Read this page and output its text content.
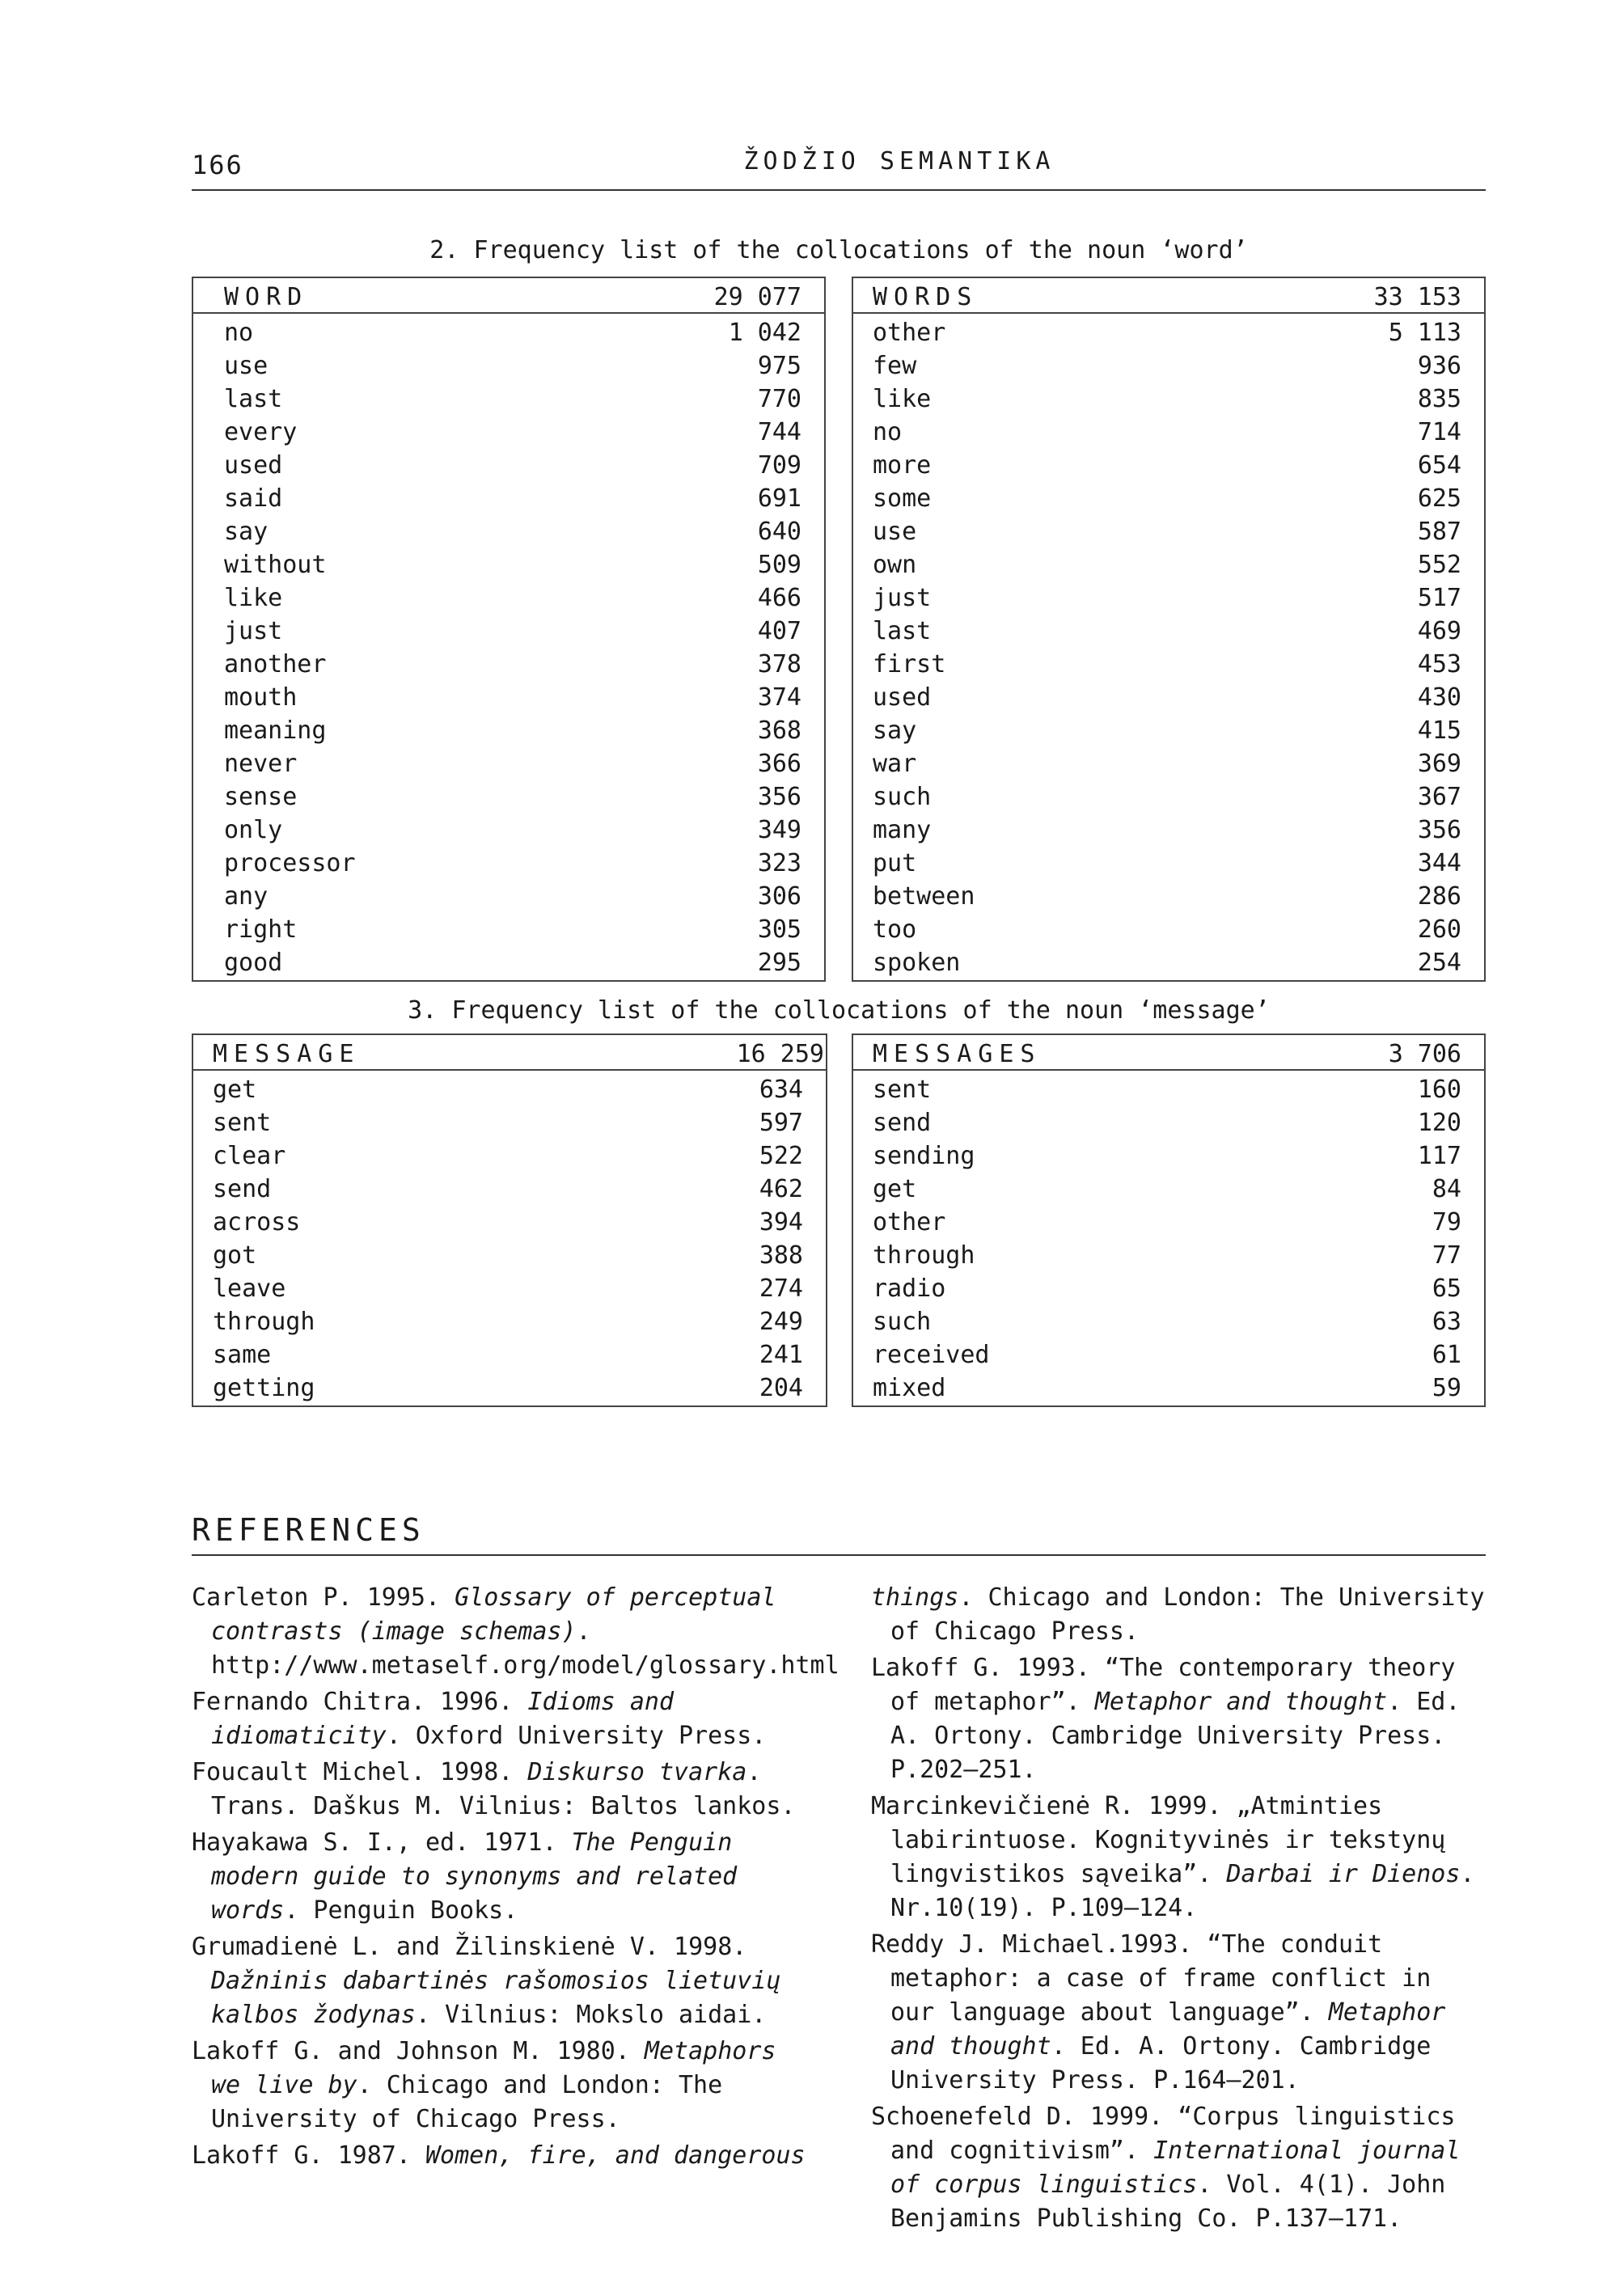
166	ŽODŽIO SEMANTIKA
2. Frequency list of the collocations of the noun ‘word’
WORD	29 077
no	1 042
use	975
last	770
every	744
used	709
said	691
say	640
without	509
like	466
just	407
another	378
mouth	374
meaning	368
never	366
sense	356
only	349
processor	323
any	306
right	305
good	295
WORDS	33 153
other	5 113
few	936
like	835
no	714
more	654
some	625
use	587
own	552
just	517
last	469
first	453
used	430
say	415
war	369
such	367
many	356
put	344
between	286
too	260
spoken	254
3. Frequency list of the collocations of the noun ‘message’
MESSAGE	16 259
get	634
sent	597
clear	522
send	462
across	394
got	388
leave	274
through	249
same	241
getting	204
MESSAGES	3 706
sent	160
send	120
sending	117
get	84
other	79
through	77
radio	65
such	63
received	61
mixed	59
REFERENCES
Carleton P. 1995. Glossary of perceptual contrasts (image schemas). http://www.metaself.org/model/glossary.html
Fernando Chitra. 1996. Idioms and idiomaticity. Oxford University Press.
Foucault Michel. 1998. Diskurso tvarka. Trans. Daškus M. Vilnius: Baltos lankos.
Hayakawa S. I., ed. 1971. The Penguin modern guide to synonyms and related words. Penguin Books.
Grumadienė L. and Žilinskienė V. 1998. Dažninis dabartinės rašomosios lietuvių kalbos žodynas. Vilnius: Mokslo aidai.
Lakoff G. and Johnson M. 1980. Metaphors we live by. Chicago and London: The University of Chicago Press.
Lakoff G. 1987. Women, fire, and dangerous
things. Chicago and London: The University of Chicago Press.
Lakoff G. 1993. “The contemporary theory of metaphor”. Metaphor and thought. Ed. A. Ortony. Cambridge University Press. P.202–251.
Marcinkevičienė R. 1999. „Atminties labirintuose. Kognityvinės ir tekstynų lingvistikos sąveika”. Darbai ir Dienos. Nr.10(19). P.109–124.
Reddy J. Michael.1993. “The conduit metaphor: a case of frame conflict in our language about language”. Metaphor and thought. Ed. A. Ortony. Cambridge University Press. P.164–201.
Schoenefeld D. 1999. “Corpus linguistics and cognitivism”. International journal of corpus linguistics. Vol. 4(1). John Benjamins Publishing Co. P.137–171.
